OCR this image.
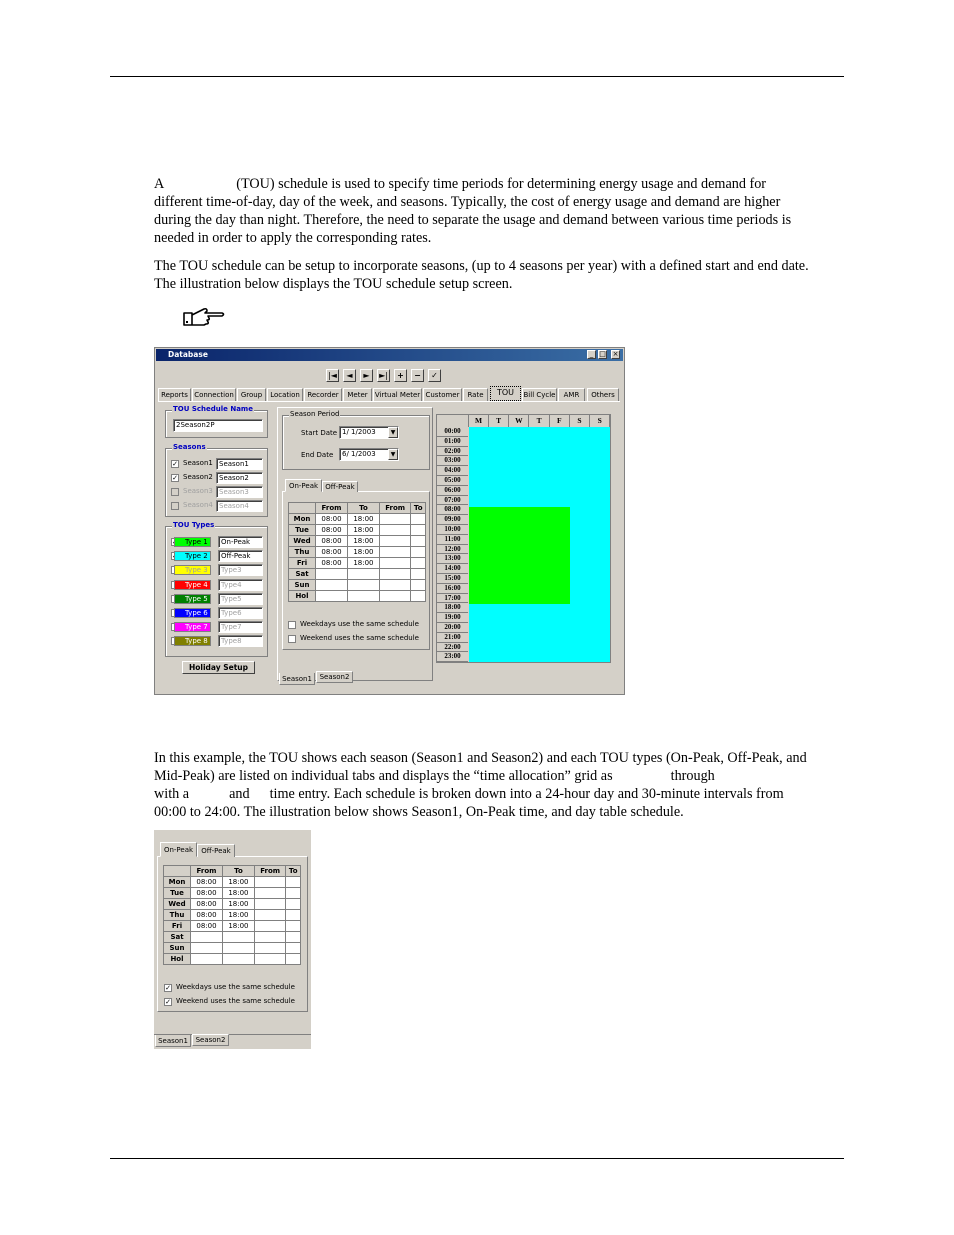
A	(TOU) schedule is used to specify time periods for determining energy usage and demand for

different time-of-day, day of the week, and seasons. Typically, the cost of energy usage and demand are higher

during the day than night. Therefore, the need to separate the usage and demand between various time periods is

needed in order to apply the corresponding rates.

The TOU schedule can be setup to incorporate seasons, (up to 4 seasons per year) with a defined start and end date.

The illustration below displays the TOU schedule setup screen.

Database	_ □ ×
|◄	◄	►	►|	+	−	✓
Reports Connection	Group	Location	Recorder	Meter	Virtual Meter Customer	Rate	TOU	Bill Cycle	AMR	Others
TOU Schedule Name
2Season2P
Seasons
✓ Season1 Season1
✓ Season2 Season2
Season3 Season3
Season4 Season4
TOU Types
Type 1	On-Peak
Type 2	Off-Peak
Type 3	Type3
Type 4	Type4
Type 5	Type5
Type 6	Type6
Type 7	Type7
Type 8	Type8
Holiday Setup
Season Period
Start Date 1/ 1/2003	▼
End Date	6/ 1/2003	▼
On-Peak	Off-Peak
	From	To	From	To
Mon	08:00	18:00		
Tue	08:00	18:00		
Wed	08:00	18:00		
Thu	08:00	18:00		
Fri	08:00	18:00		
Sat				
Sun				
Hol				
Weekdays use the same schedule
Weekend uses the same schedule
Season1	Season2
M	T	W	T	F	S	S
00:00
01:00
02:00
03:00
04:00
05:00
06:00
07:00
08:00
09:00
10:00
11:00
12:00
13:00
14:00
15:00
16:00
17:00
18:00
19:00
20:00
21:00
22:00
23:00

In this example, the TOU shows each season (Season1 and Season2) and each TOU types (On-Peak, Off-Peak, and

Mid-Peak) are listed on individual tabs and displays the “time allocation” grid as	through

with a	and time entry. Each schedule is broken down into a 24-hour day and 30-minute intervals from

00:00 to 24:00. The illustration below shows Season1, On-Peak time, and day table schedule.

On-Peak	Off-Peak
	From	To	From	To
Mon	08:00	18:00		
Tue	08:00	18:00		
Wed	08:00	18:00		
Thu	08:00	18:00		
Fri	08:00	18:00		
Sat				
Sun				
Hol				
✓ Weekdays use the same schedule
✓ Weekend uses the same schedule
Season1	Season2
